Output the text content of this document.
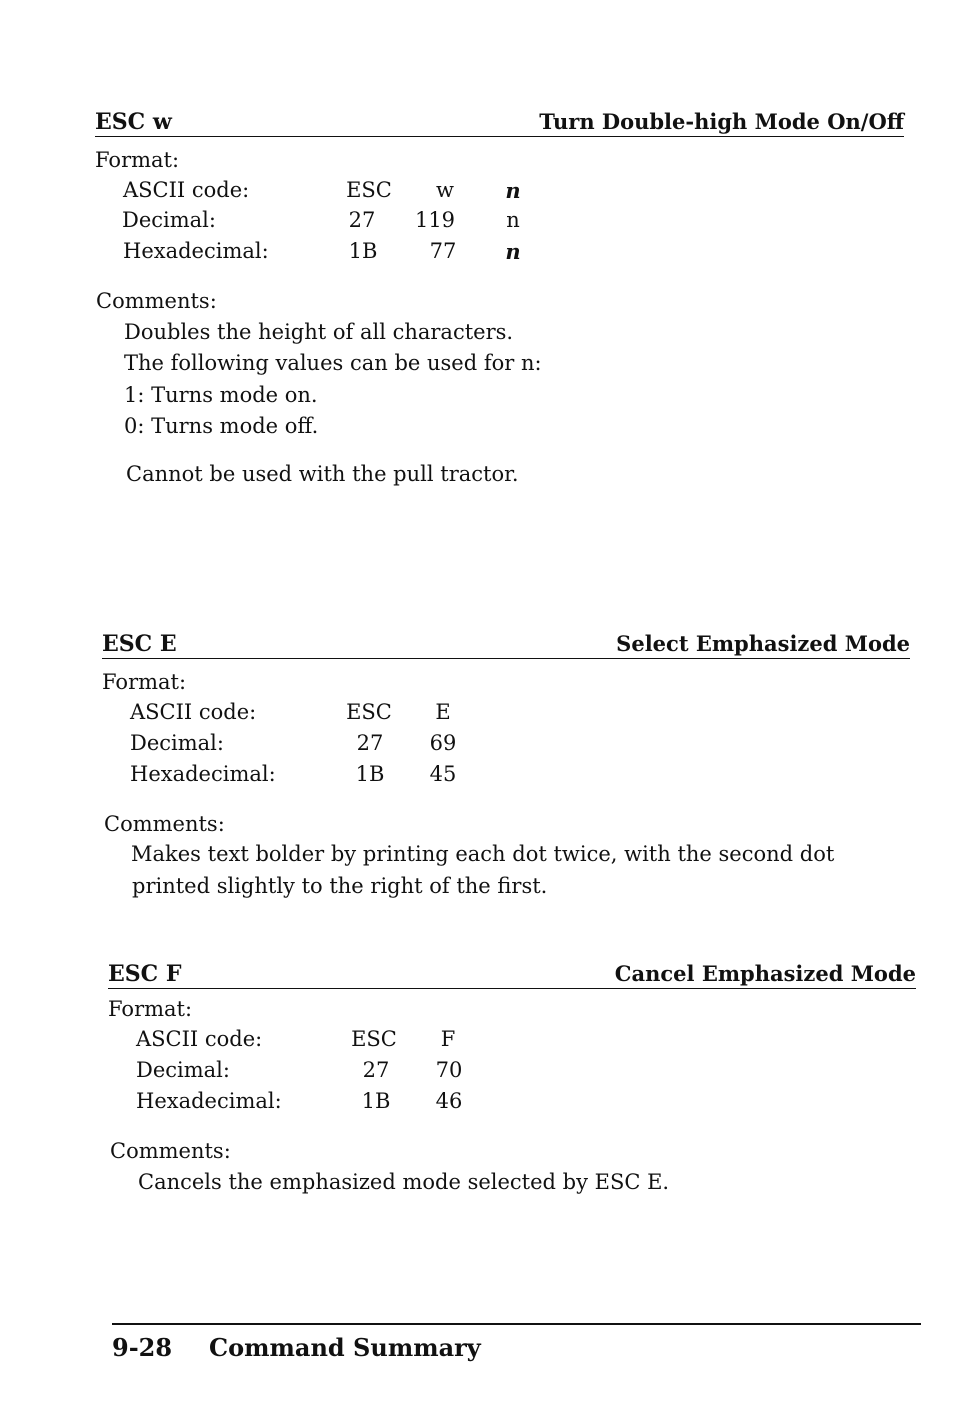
ESC w	Turn Double-high Mode On/Off
Format:
ASCII code:	ESC	w	n
Decimal:	27	119	n
Hexadecimal:	1B	77	n
Comments:
Doubles the height of all characters.
The following values can be used for n:
1: Turns mode on.
0: Turns mode off.
Cannot be used with the pull tractor.
ESC E	Select Emphasized Mode
Format:
ASCII code:	ESC	E
Decimal:	27	69
Hexadecimal:	1B	45
Comments:
Makes text bolder by printing each dot twice, with the second dot
printed slightly to the right of the first.
ESC F	Cancel Emphasized Mode
Format:
ASCII code:	ESC	F
Decimal:	27	70
Hexadecimal:	1B	46
Comments:
Cancels the emphasized mode selected by ESC E.
9-28 Command Summary
